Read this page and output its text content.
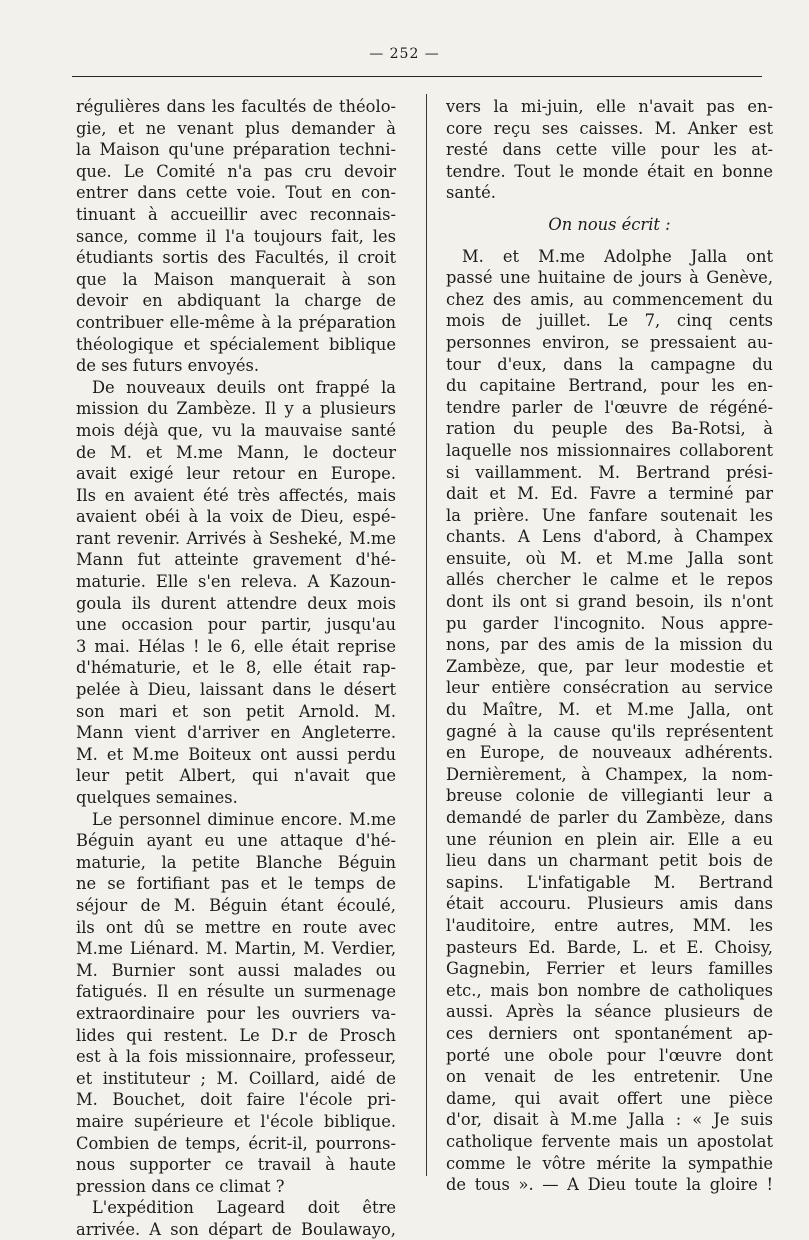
— 252 —
régulières dans les facultés de théolo-
gie, et ne venant plus demander à
la Maison qu'une préparation techni-
que. Le Comité n'a pas cru devoir
entrer dans cette voie. Tout en con-
tinuant à accueillir avec reconnais-
sance, comme il l'a toujours fait, les
étudiants sortis des Facultés, il croit
que la Maison manquerait à son
devoir en abdiquant la charge de
contribuer elle-même à la préparation
théologique et spécialement biblique
de ses futurs envoyés.
De nouveaux deuils ont frappé la
mission du Zambèze. Il y a plusieurs
mois déjà que, vu la mauvaise santé
de M. et M.me Mann, le docteur
avait exigé leur retour en Europe.
Ils en avaient été très affectés, mais
avaient obéi à la voix de Dieu, espé-
rant revenir. Arrivés à Sesheké, M.me
Mann fut atteinte gravement d'hé-
maturie. Elle s'en releva. A Kazoun-
goula ils durent attendre deux mois
une occasion pour partir, jusqu'au
3 mai. Hélas ! le 6, elle était reprise
d'hématurie, et le 8, elle était rap-
pelée à Dieu, laissant dans le désert
son mari et son petit Arnold. M.
Mann vient d'arriver en Angleterre.
M. et M.me Boiteux ont aussi perdu
leur petit Albert, qui n'avait que
quelques semaines.
Le personnel diminue encore. M.me
Béguin ayant eu une attaque d'hé-
maturie, la petite Blanche Béguin
ne se fortifiant pas et le temps de
séjour de M. Béguin étant écoulé,
ils ont dû se mettre en route avec
M.me Liénard. M. Martin, M. Verdier,
M. Burnier sont aussi malades ou
fatigués. Il en résulte un surmenage
extraordinaire pour les ouvriers va-
lides qui restent. Le D.r de Prosch
est à la fois missionnaire, professeur,
et instituteur ; M. Coillard, aidé de
M. Bouchet, doit faire l'école pri-
maire supérieure et l'école biblique.
Combien de temps, écrit-il, pourrons-
nous supporter ce travail à haute
pression dans ce climat ?
L'expédition Lageard doit être
arrivée. A son départ de Boulawayo,
vers la mi-juin, elle n'avait pas en-
core reçu ses caisses. M. Anker est
resté dans cette ville pour les at-
tendre. Tout le monde était en bonne
santé.
On nous écrit :
M. et M.me Adolphe Jalla ont
passé une huitaine de jours à Genève,
chez des amis, au commencement du
mois de juillet. Le 7, cinq cents
personnes environ, se pressaient au-
tour d'eux, dans la campagne du
du capitaine Bertrand, pour les en-
tendre parler de l'œuvre de régéné-
ration du peuple des Ba-Rotsi, à
laquelle nos missionnaires collaborent
si vaillamment. M. Bertrand prési-
dait et M. Ed. Favre a terminé par
la prière. Une fanfare soutenait les
chants. A Lens d'abord, à Champex
ensuite, où M. et M.me Jalla sont
allés chercher le calme et le repos
dont ils ont si grand besoin, ils n'ont
pu garder l'incognito. Nous appre-
nons, par des amis de la mission du
Zambèze, que, par leur modestie et
leur entière consécration au service
du Maître, M. et M.me Jalla, ont
gagné à la cause qu'ils représentent
en Europe, de nouveaux adhérents.
Dernièrement, à Champex, la nom-
breuse colonie de villegianti leur a
demandé de parler du Zambèze, dans
une réunion en plein air. Elle a eu
lieu dans un charmant petit bois de
sapins. L'infatigable M. Bertrand
était accouru. Plusieurs amis dans
l'auditoire, entre autres, MM. les
pasteurs Ed. Barde, L. et E. Choisy,
Gagnebin, Ferrier et leurs familles
etc., mais bon nombre de catholiques
aussi. Après la séance plusieurs de
ces derniers ont spontanément ap-
porté une obole pour l'œuvre dont
on venait de les entretenir. Une
dame, qui avait offert une pièce
d'or, disait à M.me Jalla : « Je suis
catholique fervente mais un apostolat
comme le vôtre mérite la sympathie
de tous ». — A Dieu toute la gloire !
